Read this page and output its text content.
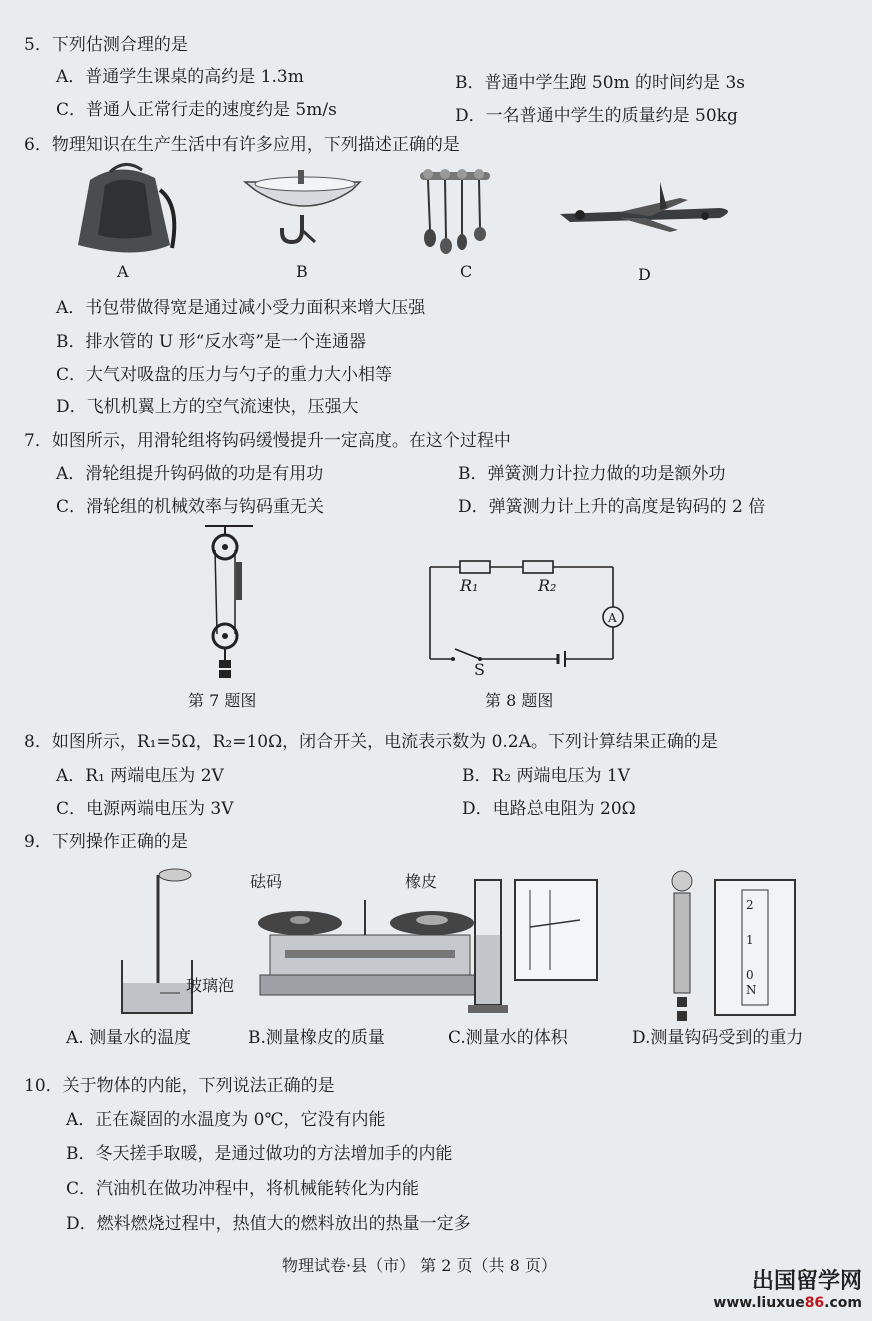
5．下列估测合理的是
A．普通学生课桌的高约是 1.3m	B．普通中学生跑 50m 的时间约是 3s
C．普通人正常行走的速度约是 5m/s	D．一名普通中学生的质量约是 50kg
6．物理知识在生产生活中有许多应用，下列描述正确的是
A	B	C	D
A．书包带做得宽是通过减小受力面积来增大压强
B．排水管的 U 形“反水弯”是一个连通器
C．大气对吸盘的压力与勺子的重力大小相等
D．飞机机翼上方的空气流速快，压强大
7．如图所示，用滑轮组将钩码缓慢提升一定高度。在这个过程中
A．滑轮组提升钩码做的功是有用功	B．弹簧测力计拉力做的功是额外功
C．滑轮组的机械效率与钩码重无关	D．弹簧测力计上升的高度是钩码的 2 倍
第 7 题图
R₁	R₂
A
S
第 8 题图
8．如图所示，R₁=5Ω，R₂=10Ω，闭合开关，电流表示数为 0.2A。下列计算结果正确的是
A．R₁ 两端电压为 2V	B．R₂ 两端电压为 1V
C．电源两端电压为 3V	D．电路总电阻为 20Ω
9．下列操作正确的是
砝码	橡皮
玻璃泡
2
1
0
N
A. 测量水的温度	B.测量橡皮的质量	C.测量水的体积	D.测量钩码受到的重力
10．关于物体的内能，下列说法正确的是
A．正在凝固的水温度为 0℃，它没有内能
B．冬天搓手取暖，是通过做功的方法增加手的内能
C．汽油机在做功冲程中，将机械能转化为内能
D．燃料燃烧过程中，热值大的燃料放出的热量一定多
物理试卷·县（市） 第 2 页（共 8 页）
出国留学网
www.liuxue86.com
